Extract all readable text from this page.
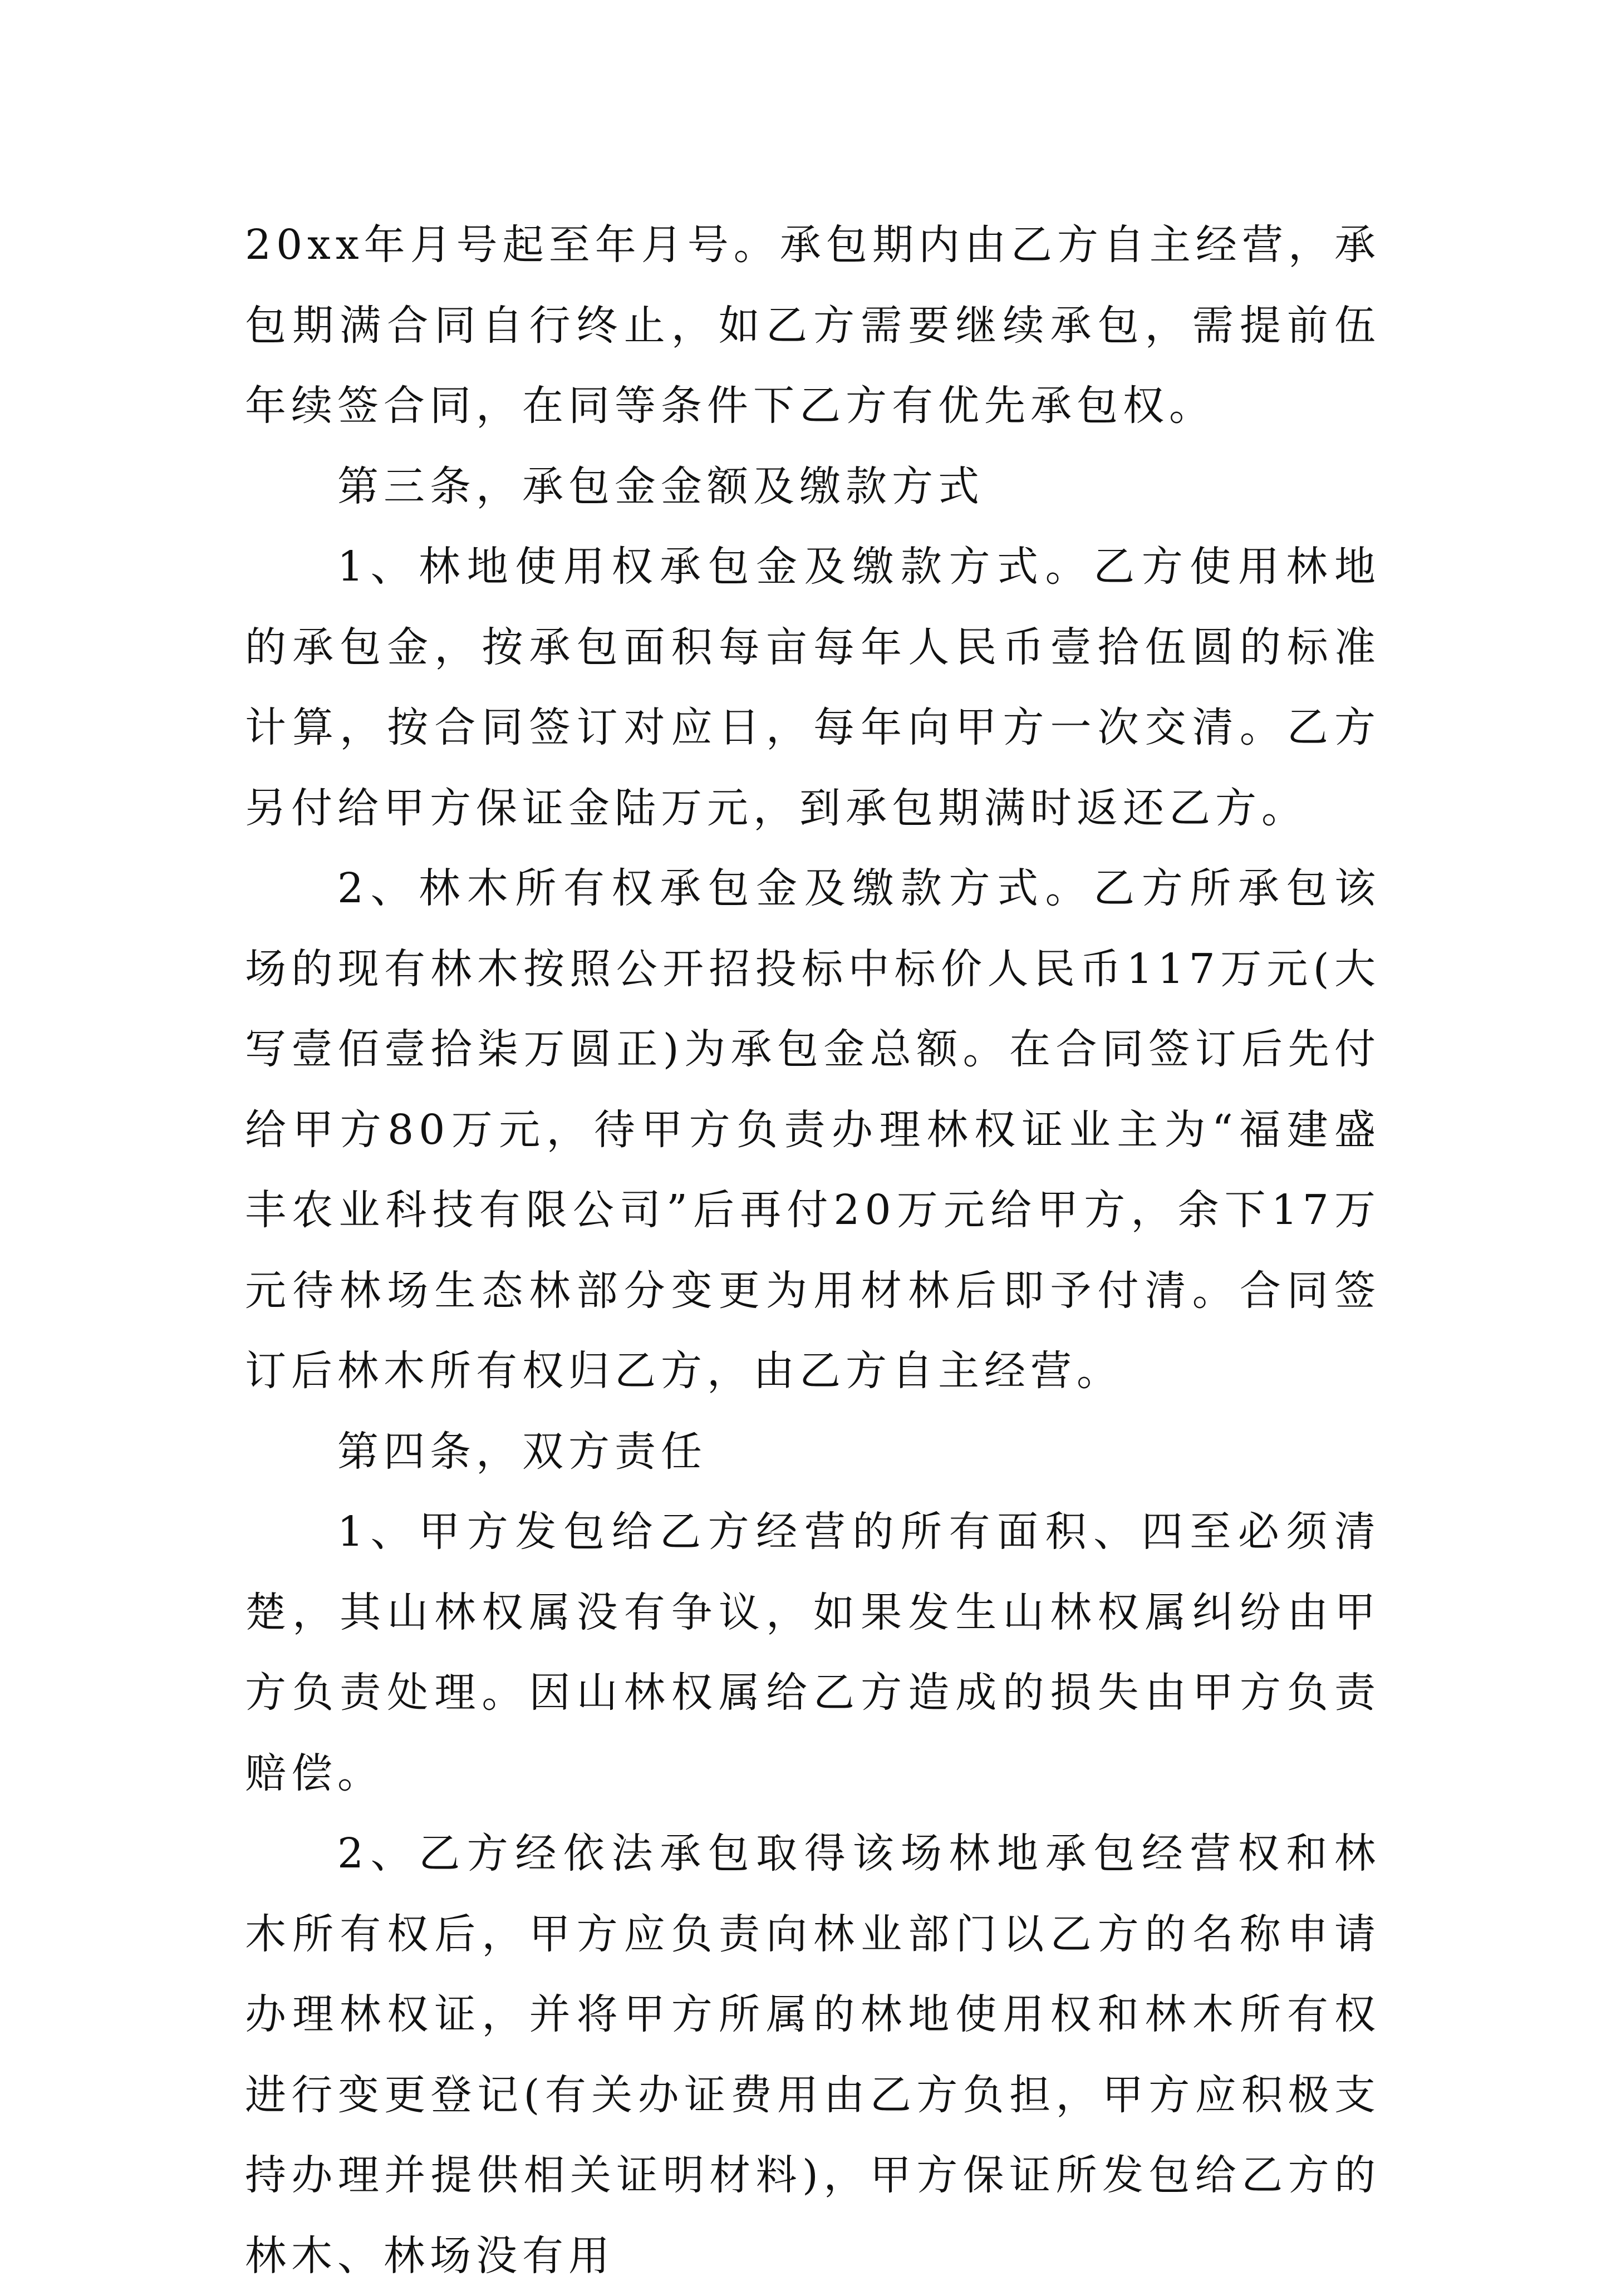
20xx年月号起至年月号。承包期内由乙方自主经营，承包期满合同自行终止，如乙方需要继续承包，需提前伍年续签合同，在同等条件下乙方有优先承包权。

第三条，承包金金额及缴款方式

1、林地使用权承包金及缴款方式。乙方使用林地的承包金，按承包面积每亩每年人民币壹拾伍圆的标准计算，按合同签订对应日，每年向甲方一次交清。乙方另付给甲方保证金陆万元，到承包期满时返还乙方。

2、林木所有权承包金及缴款方式。乙方所承包该场的现有林木按照公开招投标中标价人民币117万元(大写壹佰壹拾柒万圆正)为承包金总额。在合同签订后先付给甲方80万元，待甲方负责办理林权证业主为“福建盛丰农业科技有限公司”后再付20万元给甲方，余下17万元待林场生态林部分变更为用材林后即予付清。合同签订后林木所有权归乙方，由乙方自主经营。

第四条，双方责任

1、甲方发包给乙方经营的所有面积、四至必须清楚，其山林权属没有争议，如果发生山林权属纠纷由甲方负责处理。因山林权属给乙方造成的损失由甲方负责赔偿。

2、乙方经依法承包取得该场林地承包经营权和林木所有权后，甲方应负责向林业部门以乙方的名称申请办理林权证，并将甲方所属的林地使用权和林木所有权进行变更登记(有关办证费用由乙方负担，甲方应积极支持办理并提供相关证明材料)，甲方保证所发包给乙方的林木、林场没有用
